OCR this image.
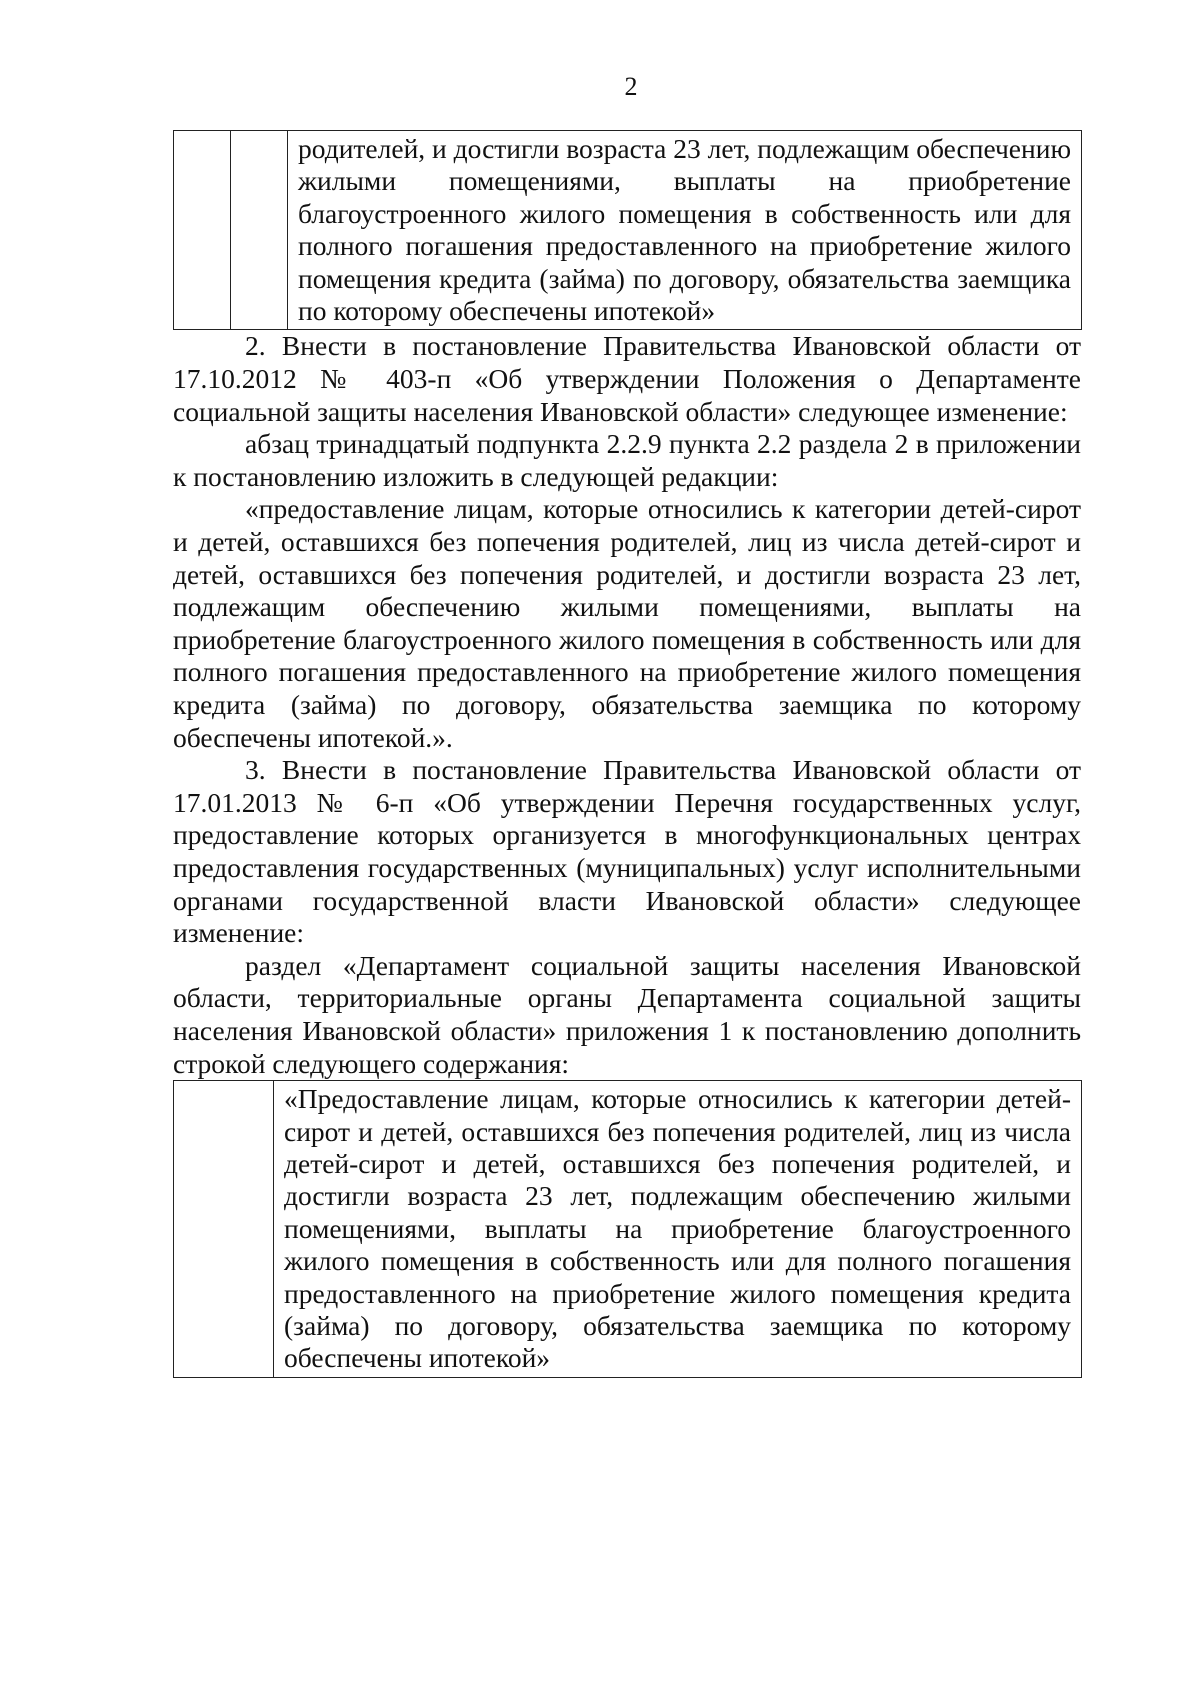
2

родителей, и достигли возраста 23 лет, подлежащим обеспечению жилыми помещениями, выплаты на приобретение благоустроенного жилого помещения в собственность или для полного погашения предоставленного на приобретение жилого помещения кредита (займа) по договору, обязательства заемщика по которому обеспечены ипотекой»

2. Внести в постановление Правительства Ивановской области от 17.10.2012 № 403-п «Об утверждении Положения о Департаменте социальной защиты населения Ивановской области» следующее изменение:

абзац тринадцатый подпункта 2.2.9 пункта 2.2 раздела 2 в приложении к постановлению изложить в следующей редакции:

«предоставление лицам, которые относились к категории детей-сирот и детей, оставшихся без попечения родителей, лиц из числа детей-сирот и детей, оставшихся без попечения родителей, и достигли возраста 23 лет, подлежащим обеспечению жилыми помещениями, выплаты на приобретение благоустроенного жилого помещения в собственность или для полного погашения предоставленного на приобретение жилого помещения кредита (займа) по договору, обязательства заемщика по которому обеспечены ипотекой.».

3. Внести в постановление Правительства Ивановской области от 17.01.2013 № 6-п «Об утверждении Перечня государственных услуг, предоставление которых организуется в многофункциональных центрах предоставления государственных (муниципальных) услуг исполнительными органами государственной власти Ивановской области» следующее изменение:

раздел «Департамент социальной защиты населения Ивановской области, территориальные органы Департамента социальной защиты населения Ивановской области» приложения 1 к постановлению дополнить строкой следующего содержания:

«Предоставление лицам, которые относились к категории детей-сирот и детей, оставшихся без попечения родителей, лиц из числа детей-сирот и детей, оставшихся без попечения родителей, и достигли возраста 23 лет, подлежащим обеспечению жилыми помещениями, выплаты на приобретение благоустроенного жилого помещения в собственность или для полного погашения предоставленного на приобретение жилого помещения кредита (займа) по договору, обязательства заемщика по которому обеспечены ипотекой»
